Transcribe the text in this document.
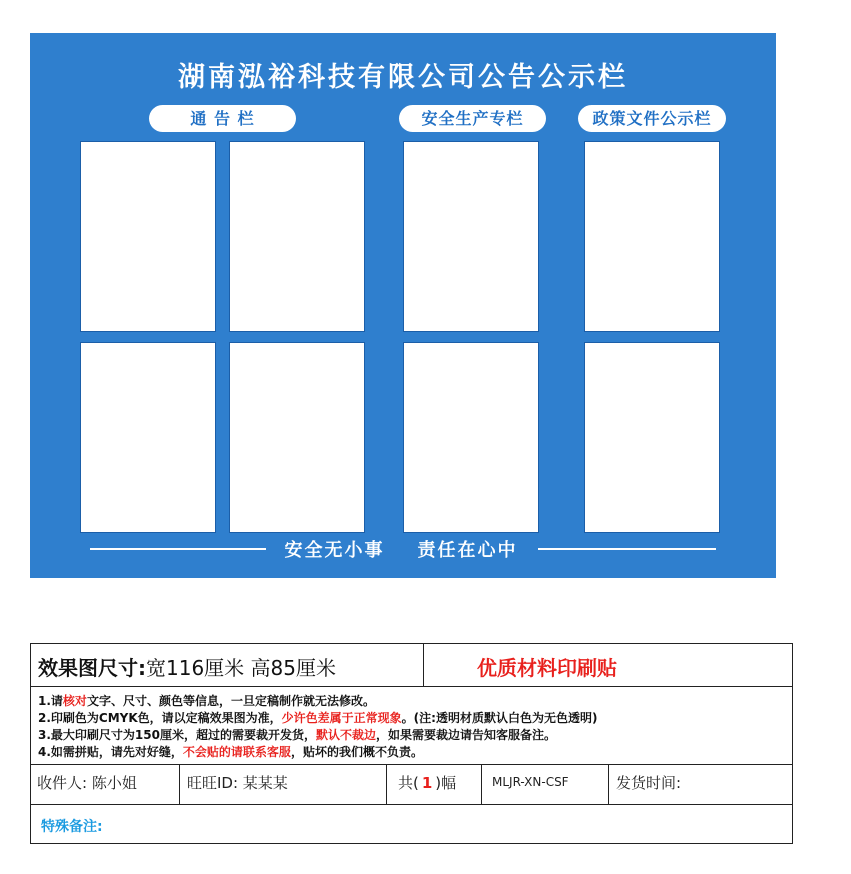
湖南泓裕科技有限公司公告公示栏
通 告 栏	安全生产专栏	政策文件公示栏
安全无小事    责任在心中
效果图尺寸:宽116厘米 高85厘米	优质材料印刷贴
1.请核对文字、尺寸、颜色等信息，一旦定稿制作就无法修改。
2.印刷色为CMYK色，请以定稿效果图为准，少许色差属于正常现象。(注:透明材质默认白色为无色透明)
3.最大印刷尺寸为150厘米，超过的需要裁开发货，默认不裁边，如果需要裁边请告知客服备注。
4.如需拼贴，请先对好缝，不会贴的请联系客服，贴坏的我们概不负责。
收件人: 陈小姐	旺旺ID: 某某某	共( 1 )幅	MLJR-XN-CSF	发货时间:
特殊备注:
